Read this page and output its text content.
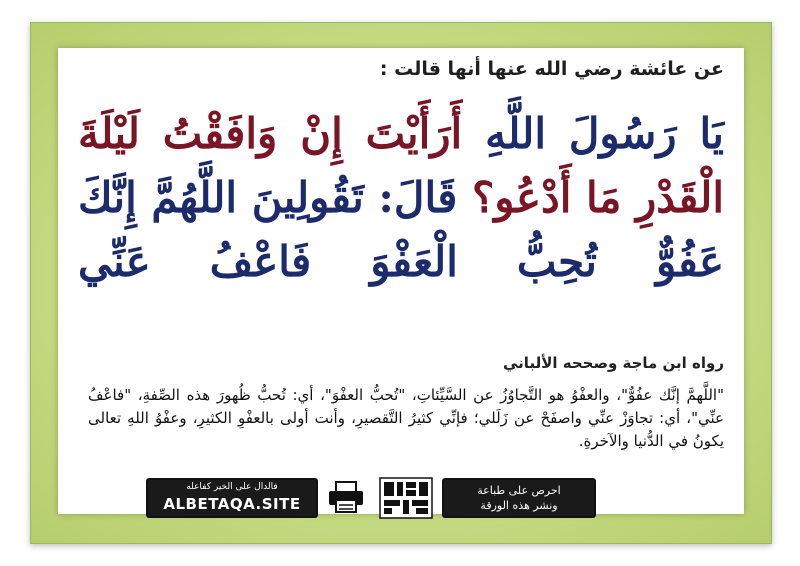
عن عائشة رضي الله عنها أنها قالت :
يَا رَسُولَ اللَّهِ أَرَأَيْتَ إِنْ وَافَقْتُ لَيْلَةَ الْقَدْرِ مَا أَدْعُو؟ قَالَ: تَقُولِينَ اللَّهُمَّ إِنَّكَ عَفُوٌّ تُحِبُّ الْعَفْوَ فَاعْفُ عَنِّي
رواه ابن ماجة وصححه الألباني
"اللَّهمَّ إنَّك عفُوٌّ"، والعفْوُ هو التَّجاوُزُ عن السَّيِّئاتِ، "تُحبُّ العفْوَ"، أي: تُحبُّ ظُهورَ هذه الصِّفةِ، "فاعْفُ عنِّي"، أي: تجاوَزْ عنِّي واصفَحْ عن زَلَلي؛ فإنِّي كثيرُ التَّقصيرِ، وأنت أولى بالعفْوِ الكثيرِ، وعفْوُ اللهِ تعالى يكونُ في الدُّنيا والآخرةِ.
فالدال على الخير كفاعله
ALBETAQA.SITE
احرص على طباعة
ونشر هذه الورقة
